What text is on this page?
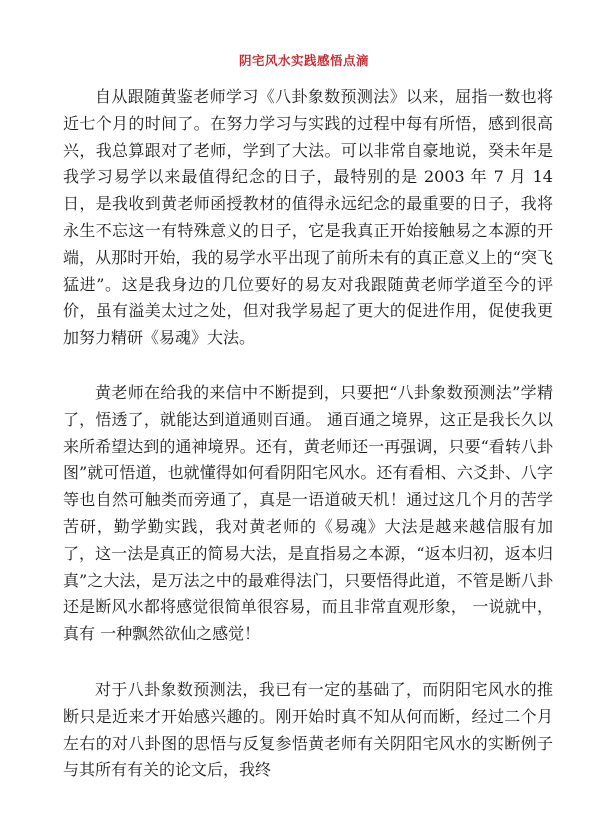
阴宅风水实践感悟点滴

自从跟随黄鉴老师学习《八卦象数预测法》以来，屈指一数也将近七个月的时间了。在努力学习与实践的过程中每有所悟，感到很高兴，我总算跟对了老师，学到了大法。可以非常自豪地说，癸未年是我学习易学以来最值得纪念的日子，最特别的是 2003 年 7 月 14 日，是我收到黄老师函授教材的值得永远纪念的最重要的日子，我将永生不忘这一有特殊意义的日子，它是我真正开始接触易之本源的开端，从那时开始，我的易学水平出现了前所未有的真正意义上的“突飞猛进”。这是我身边的几位要好的易友对我跟随黄老师学道至今的评价，虽有溢美太过之处，但对我学易起了更大的促进作用，促使我更加努力精研《易魂》大法。

黄老师在给我的来信中不断提到，只要把“八卦象数预测法”学精了，悟透了，就能达到道通则百通。 通百通之境界，这正是我长久以来所希望达到的通神境界。还有，黄老师还一再强调，只要“看转八卦图”就可悟道，也就懂得如何看阴阳宅风水。还有看相、六爻卦、八字等也自然可触类而旁通了，真是一语道破天机！通过这几个月的苦学苦研，勤学勤实践，我对黄老师的《易魂》大法是越来越信服有加了，这一法是真正的简易大法，是直指易之本源，“返本归初，返本归真”之大法，是万法之中的最难得法门，只要悟得此道，不管是断八卦还是断风水都将感觉很简单很容易，而且非常直观形象， 一说就中，真有 一种飘然欲仙之感觉！

对于八卦象数预测法，我已有一定的基础了，而阴阳宅风水的推断只是近来才开始感兴趣的。刚开始时真不知从何而断，经过二个月左右的对八卦图的思悟与反复参悟黄老师有关阴阳宅风水的实断例子与其所有有关的论文后，我终
